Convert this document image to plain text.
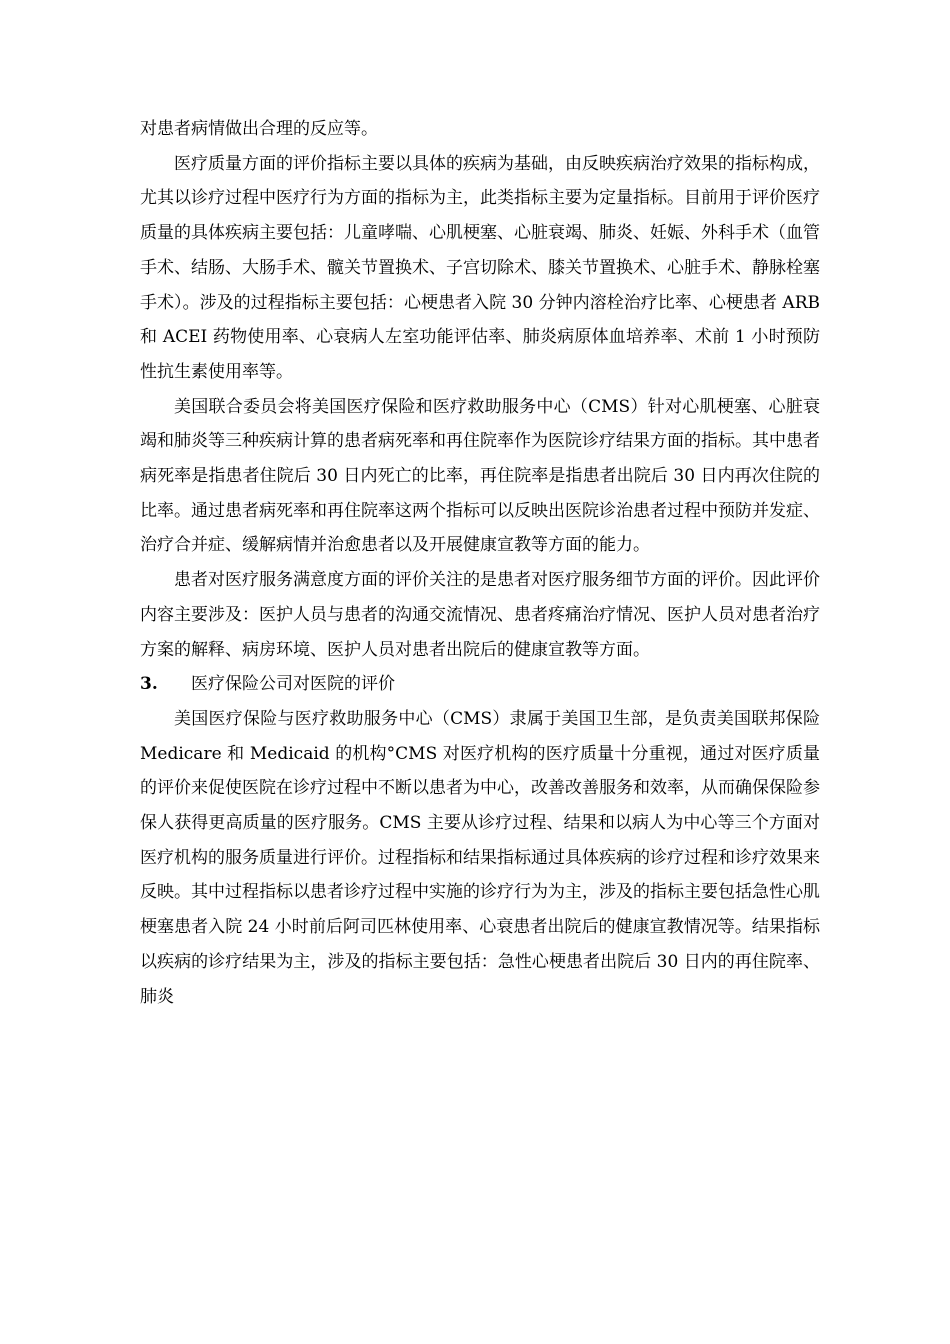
对患者病情做出合理的反应等。

医疗质量方面的评价指标主要以具体的疾病为基础，由反映疾病治疗效果的指标构成，尤其以诊疗过程中医疗行为方面的指标为主，此类指标主要为定量指标。目前用于评价医疗质量的具体疾病主要包括：儿童哮喘、心肌梗塞、心脏衰竭、肺炎、妊娠、外科手术（血管手术、结肠、大肠手术、髋关节置换术、子宫切除术、膝关节置换术、心脏手术、静脉栓塞手术）。涉及的过程指标主要包括：心梗患者入院 30 分钟内溶栓治疗比率、心梗患者 ARB 和 ACEI 药物使用率、心衰病人左室功能评估率、肺炎病原体血培养率、术前 1 小时预防性抗生素使用率等。

美国联合委员会将美国医疗保险和医疗救助服务中心（CMS）针对心肌梗塞、心脏衰竭和肺炎等三种疾病计算的患者病死率和再住院率作为医院诊疗结果方面的指标。其中患者病死率是指患者住院后 30 日内死亡的比率，再住院率是指患者出院后 30 日内再次住院的比率。通过患者病死率和再住院率这两个指标可以反映出医院诊治患者过程中预防并发症、治疗合并症、缓解病情并治愈患者以及开展健康宣教等方面的能力。

患者对医疗服务满意度方面的评价关注的是患者对医疗服务细节方面的评价。因此评价内容主要涉及：医护人员与患者的沟通交流情况、患者疼痛治疗情况、医护人员对患者治疗方案的解释、病房环境、医护人员对患者出院后的健康宣教等方面。

3.	医疗保险公司对医院的评价

美国医疗保险与医疗救助服务中心（CMS）隶属于美国卫生部，是负责美国联邦保险 Medicare 和 Medicaid 的机构°CMS 对医疗机构的医疗质量十分重视，通过对医疗质量的评价来促使医院在诊疗过程中不断以患者为中心，改善改善服务和效率，从而确保保险参保人获得更高质量的医疗服务。CMS 主要从诊疗过程、结果和以病人为中心等三个方面对医疗机构的服务质量进行评价。过程指标和结果指标通过具体疾病的诊疗过程和诊疗效果来反映。其中过程指标以患者诊疗过程中实施的诊疗行为为主，涉及的指标主要包括急性心肌梗塞患者入院 24 小时前后阿司匹林使用率、心衰患者出院后的健康宣教情况等。结果指标以疾病的诊疗结果为主，涉及的指标主要包括：急性心梗患者出院后 30 日内的再住院率、肺炎
